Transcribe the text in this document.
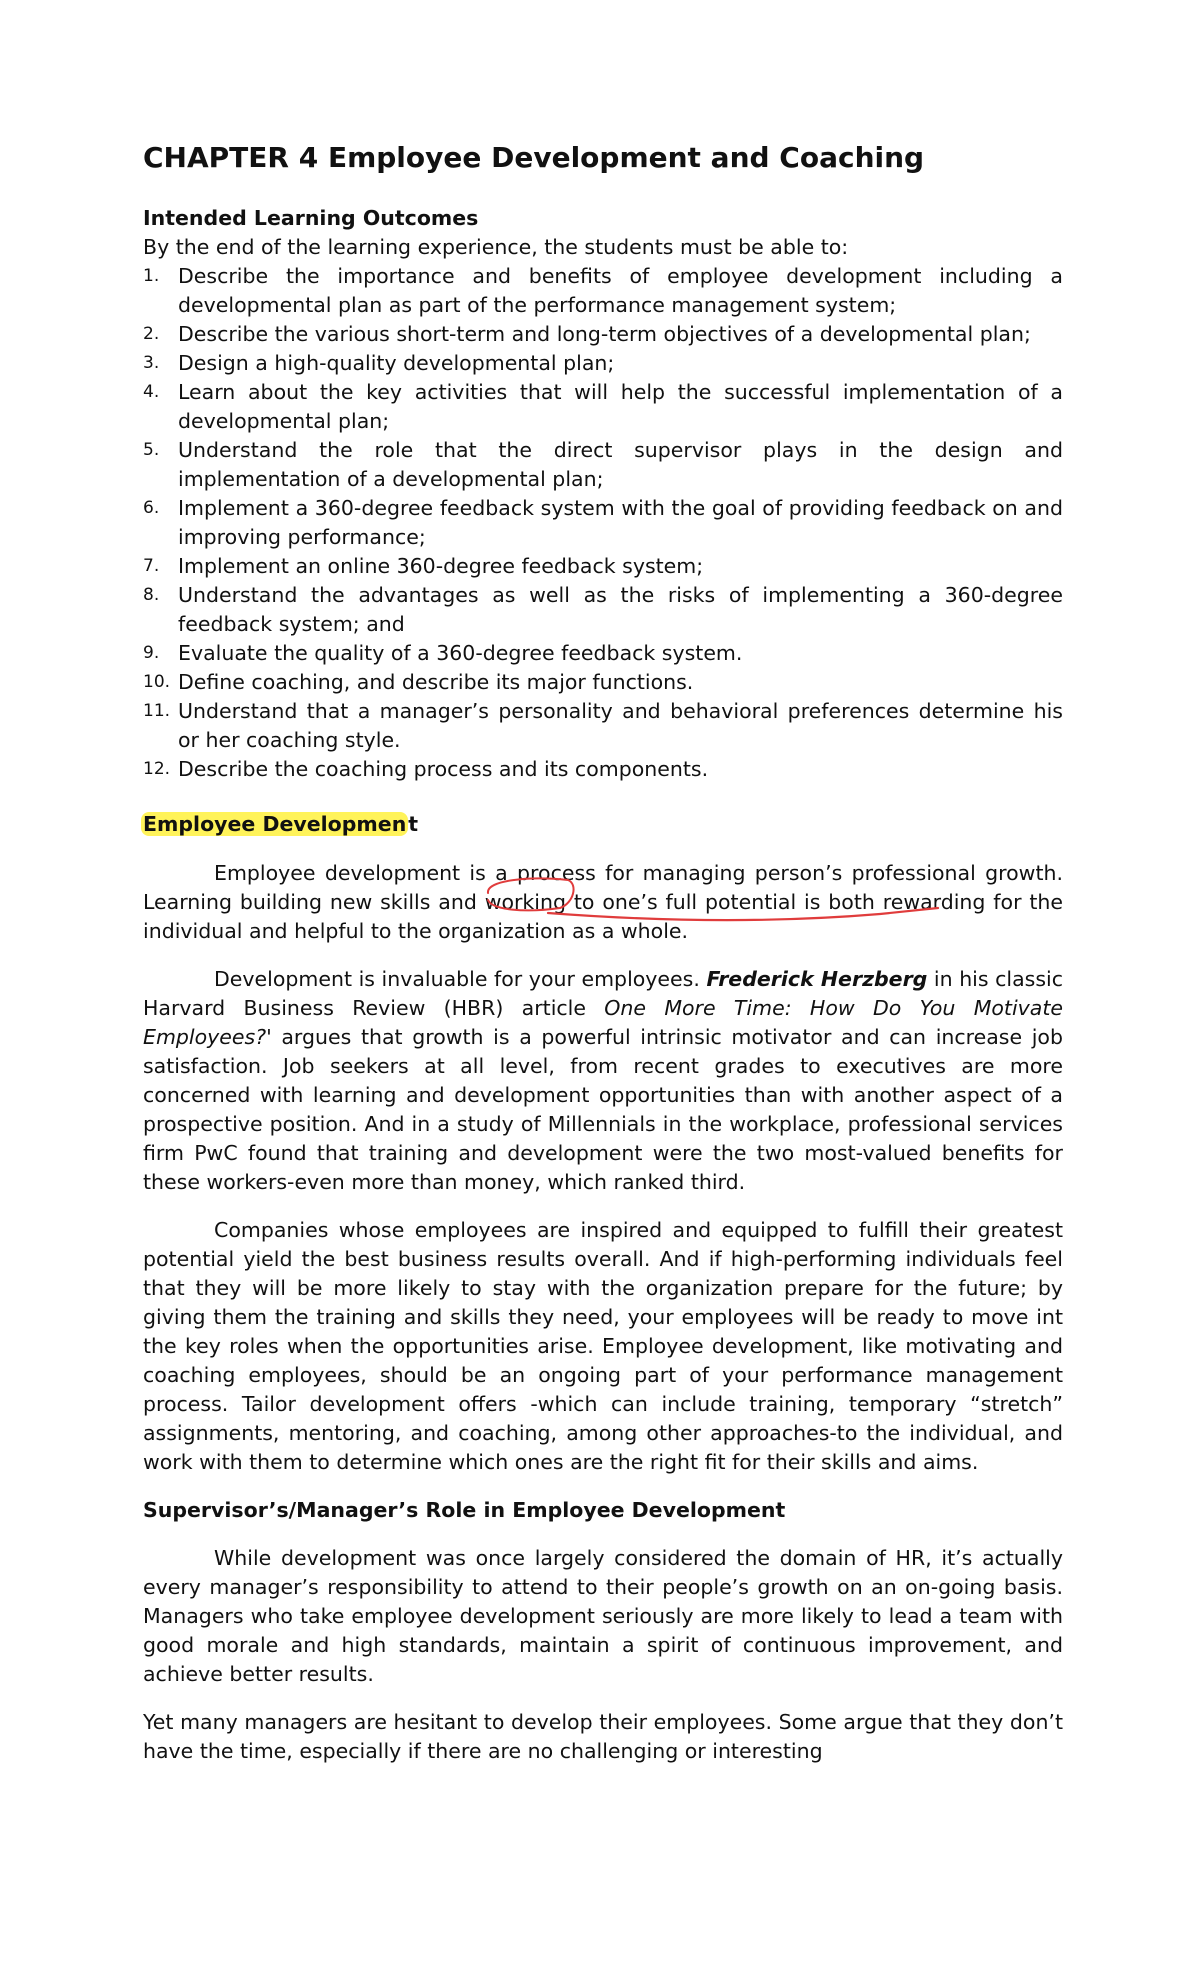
CHAPTER 4 Employee Development and Coaching
Intended Learning Outcomes
By the end of the learning experience, the students must be able to:
1. Describe the importance and benefits of employee development including a developmental plan as part of the performance management system;
2. Describe the various short-term and long-term objectives of a developmental plan;
3. Design a high-quality developmental plan;
4. Learn about the key activities that will help the successful implementation of a developmental plan;
5. Understand the role that the direct supervisor plays in the design and implementation of a developmental plan;
6. Implement a 360-degree feedback system with the goal of providing feedback on and improving performance;
7. Implement an online 360-degree feedback system;
8. Understand the advantages as well as the risks of implementing a 360-degree feedback system; and
9. Evaluate the quality of a 360-degree feedback system.
10. Define coaching, and describe its major functions.
11. Understand that a manager’s personality and behavioral preferences determine his or her coaching style.
12. Describe the coaching process and its components.
Employee Development

Employee development is a process for managing person’s professional growth. Learning building new skills and working to one’s full potential is both rewarding for the individual and helpful to the organization as a whole.

Development is invaluable for your employees. Frederick Herzberg in his classic Harvard Business Review (HBR) article One More Time: How Do You Motivate Employees?' argues that growth is a powerful intrinsic motivator and can increase job satisfaction. Job seekers at all level, from recent grades to executives are more concerned with learning and development opportunities than with another aspect of a prospective position. And in a study of Millennials in the workplace, professional services firm PwC found that training and development were the two most-valued benefits for these workers-even more than money, which ranked third.

Companies whose employees are inspired and equipped to fulfill their greatest potential yield the best business results overall. And if high-performing individuals feel that they will be more likely to stay with the organization prepare for the future; by giving them the training and skills they need, your employees will be ready to move int the key roles when the opportunities arise. Employee development, like motivating and coaching employees, should be an ongoing part of your performance management process. Tailor development offers -which can include training, temporary “stretch” assignments, mentoring, and coaching, among other approaches-to the individual, and work with them to determine which ones are the right fit for their skills and aims.

Supervisor’s/Manager’s Role in Employee Development

While development was once largely considered the domain of HR, it’s actually every manager’s responsibility to attend to their people’s growth on an on-going basis. Managers who take employee development seriously are more likely to lead a team with good morale and high standards, maintain a spirit of continuous improvement, and achieve better results.

Yet many managers are hesitant to develop their employees. Some argue that they don’t have the time, especially if there are no challenging or interesting
